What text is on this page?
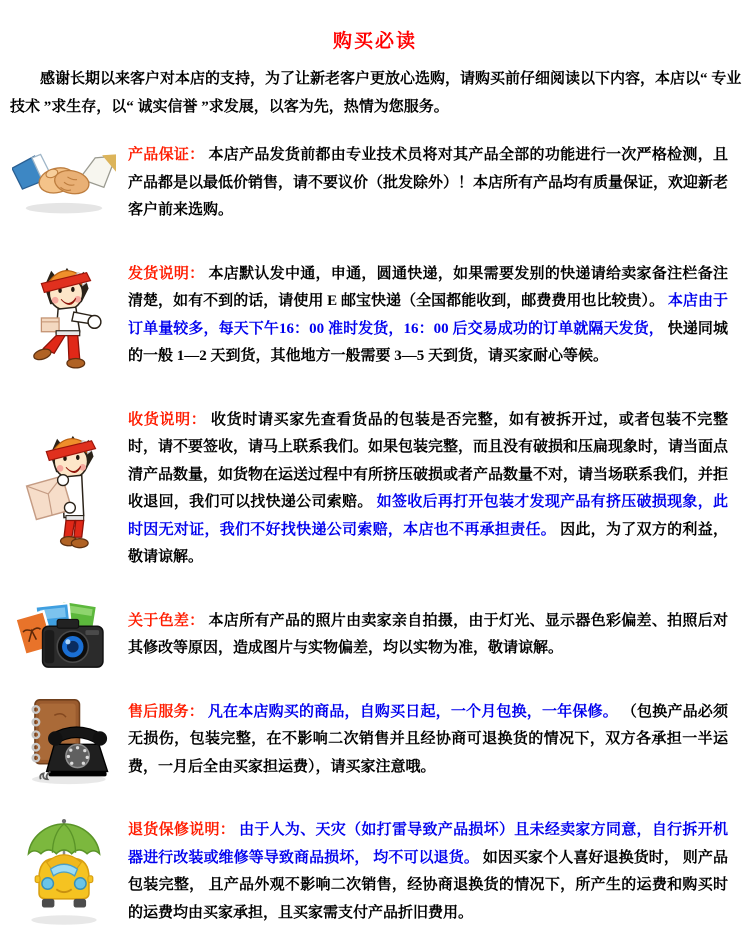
购买必读

感谢长期以来客户对本店的支持，为了让新老客户更放心选购，请购买前仔细阅读以下内容，本店以“ 专业技术 ”求生存，以“ 诚实信誉 ”求发展，以客为先，热情为您服务。

产品保证： 本店产品发货前都由专业技术员将对其产品全部的功能进行一次严格检测，且产品都是以最低价销售，请不要议价（批发除外）！本店所有产品均有质量保证，欢迎新老客户前来选购。

发货说明： 本店默认发中通，申通，圆通快递，如果需要发别的快递请给卖家备注栏备注清楚，如有不到的话，请使用 E 邮宝快递（全国都能收到，邮费费用也比较贵）。 本店由于订单量较多，每天下午16：00 准时发货，16：00 后交易成功的订单就隔天发货， 快递同城的一般 1—2 天到货，其他地方一般需要 3—5 天到货，请买家耐心等候。

收货说明： 收货时请买家先查看货品的包装是否完整，如有被拆开过，或者包装不完整时，请不要签收，请马上联系我们。如果包装完整，而且没有破损和压扁现象时，请当面点清产品数量，如货物在运送过程中有所挤压破损或者产品数量不对，请当场联系我们，并拒收退回，我们可以找快递公司索赔。 如签收后再打开包装才发现产品有挤压破损现象，此时因无对证，我们不好找快递公司索赔，本店也不再承担责任。 因此，为了双方的利益，敬请谅解。

关于色差： 本店所有产品的照片由卖家亲自拍摄，由于灯光、显示器色彩偏差、拍照后对其修改等原因，造成图片与实物偏差，均以实物为准，敬请谅解。

售后服务： 凡在本店购买的商品，自购买日起，一个月包换，一年保修。 （包换产品必须无损伤，包装完整，在不影响二次销售并且经协商可退换货的情况下，双方各承担一半运费，一月后全由买家担运费），请买家注意哦。

退货保修说明： 由于人为、天灾（如打雷导致产品损坏）且未经卖家方同意，自行拆开机器进行改装或维修等导致商品损坏， 均不可以退货。 如因买家个人喜好退换货时， 则产品包装完整， 且产品外观不影响二次销售，经协商退换货的情况下，所产生的运费和购买时的运费均由买家承担，且买家需支付产品折旧费用。
